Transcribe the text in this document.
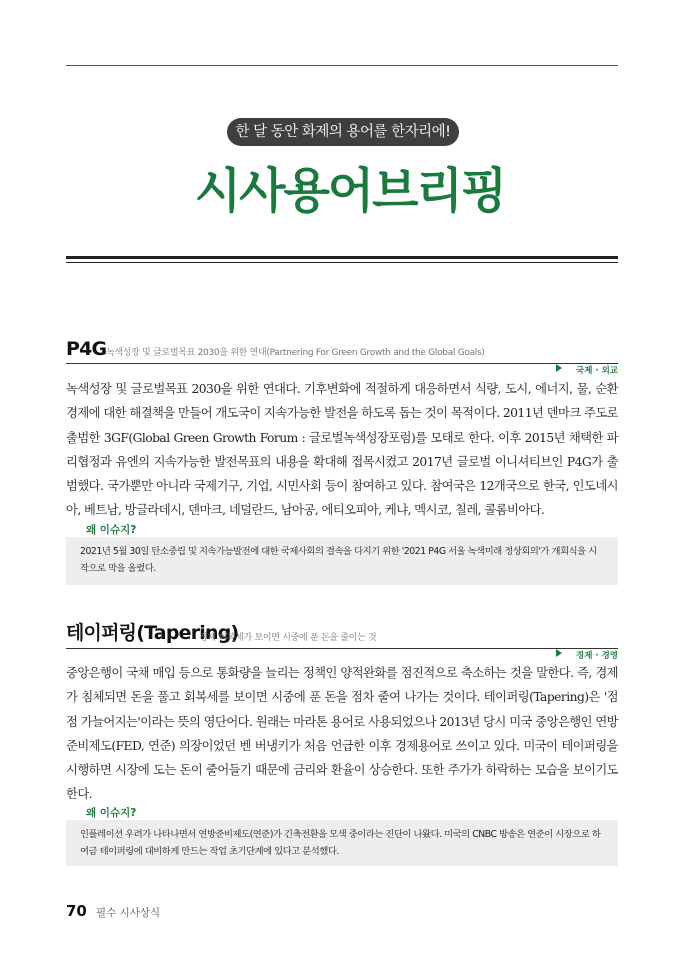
한 달 동안 화제의 용어를 한자리에!
시사용어브리핑
P4G 녹색성장 및 글로벌목표 2030을 위한 연대(Partnering For Green Growth and the Global Goals)
국제 · 외교

녹색성장 및 글로벌목표 2030을 위한 연대다. 기후변화에 적절하게 대응하면서 식량, 도시, 에너지, 물, 순환경제에 대한 해결책을 만들어 개도국이 지속가능한 발전을 하도록 돕는 것이 목적이다. 2011년 덴마크 주도로 출범한 3GF(Global Green Growth Forum : 글로벌녹색성장포럼)를 모태로 한다. 이후 2015년 채택한 파리협정과 유엔의 지속가능한 발전목표의 내용을 확대해 접목시켰고 2017년 글로벌 이니셔티브인 P4G가 출범했다. 국가뿐만 아니라 국제기구, 기업, 시민사회 등이 참여하고 있다. 참여국은 12개국으로 한국, 인도네시아, 베트남, 방글라데시, 덴마크, 네덜란드, 남아공, 에티오피아, 케냐, 멕시코, 칠레, 콜롬비아다.

왜 이슈지?
2021년 5월 30일 탄소중립 및 지속가능발전에 대한 국제사회의 결속을 다지기 위한 '2021 P4G 서울 녹색미래 정상회의'가 개회식을 시작으로 막을 올렸다.
테이퍼링(Tapering)
경제 회복세가 보이면 시중에 푼 돈을 줄이는 것
경제 · 경영

중앙은행이 국채 매입 등으로 통화량을 늘리는 정책인 양적완화를 점진적으로 축소하는 것을 말한다. 즉, 경제가 침체되면 돈을 풀고 회복세를 보이면 시중에 푼 돈을 점차 줄여 나가는 것이다. 테이퍼링(Tapering)은 '점점 가늘어지는'이라는 뜻의 영단어다. 원래는 마라톤 용어로 사용되었으나 2013년 당시 미국 중앙은행인 연방준비제도(FED, 연준) 의장이었던 벤 버냉키가 처음 언급한 이후 경제용어로 쓰이고 있다. 미국이 테이퍼링을 시행하면 시장에 도는 돈이 줄어들기 때문에 금리와 환율이 상승한다. 또한 주가가 하락하는 모습을 보이기도 한다.

왜 이슈지?
인플레이션 우려가 나타나면서 연방준비제도(연준)가 긴축전환을 모색 중이라는 진단이 나왔다. 미국의 CNBC 방송은 연준이 시장으로 하여금 테이퍼링에 대비하게 만드는 작업 초기단계에 있다고 분석했다.
70 필수 시사상식
